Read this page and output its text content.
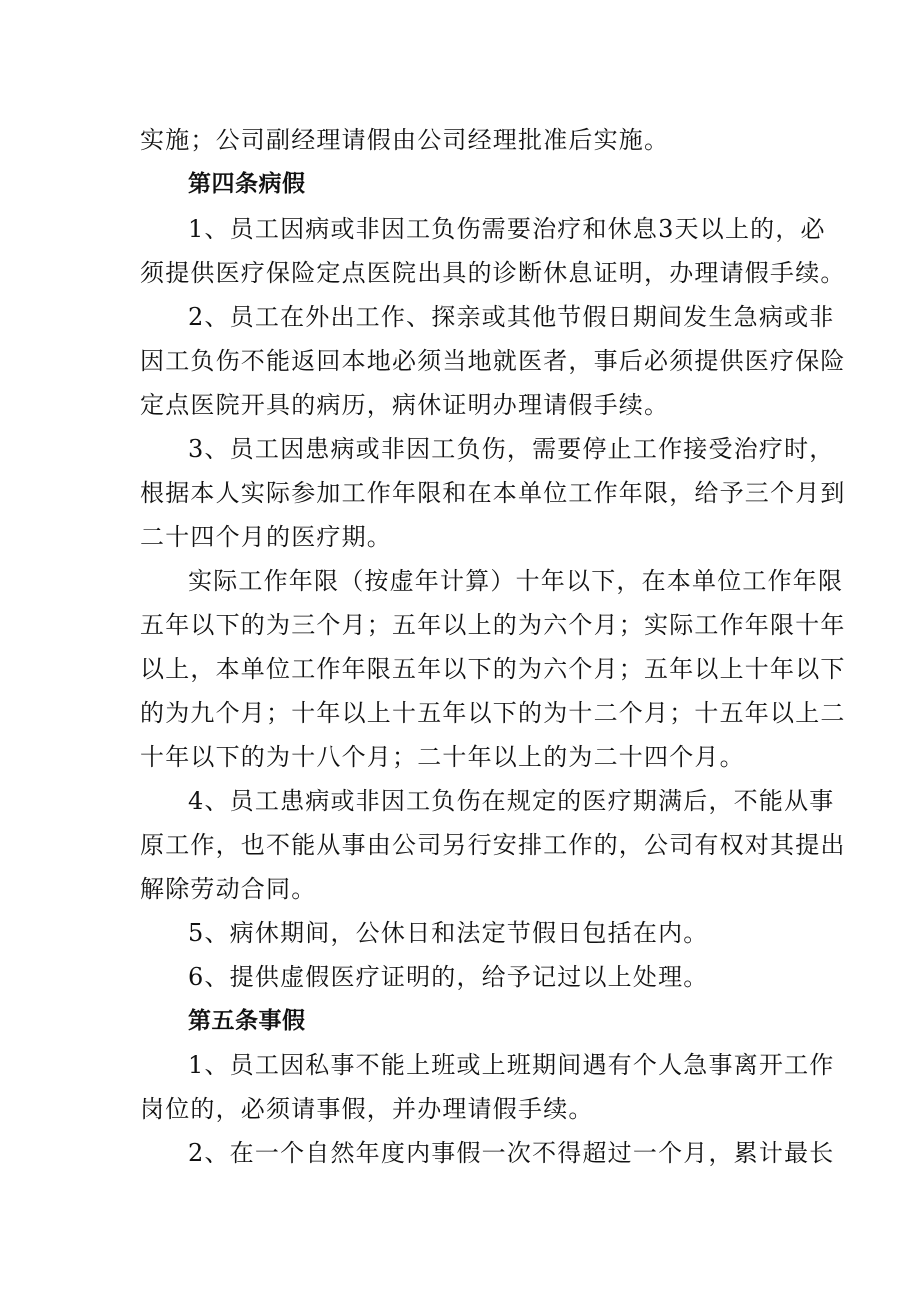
实施；公司副经理请假由公司经理批准后实施。
第四条病假
1、员工因病或非因工负伤需要治疗和休息3天以上的，必
须提供医疗保险定点医院出具的诊断休息证明，办理请假手续。
2、员工在外出工作、探亲或其他节假日期间发生急病或非
因工负伤不能返回本地必须当地就医者，事后必须提供医疗保险
定点医院开具的病历，病休证明办理请假手续。
3、员工因患病或非因工负伤，需要停止工作接受治疗时，
根据本人实际参加工作年限和在本单位工作年限，给予三个月到
二十四个月的医疗期。
实际工作年限（按虚年计算）十年以下，在本单位工作年限
五年以下的为三个月；五年以上的为六个月；实际工作年限十年
以上，本单位工作年限五年以下的为六个月；五年以上十年以下
的为九个月；十年以上十五年以下的为十二个月；十五年以上二
十年以下的为十八个月；二十年以上的为二十四个月。
4、员工患病或非因工负伤在规定的医疗期满后，不能从事
原工作，也不能从事由公司另行安排工作的，公司有权对其提出
解除劳动合同。
5、病休期间，公休日和法定节假日包括在内。
6、提供虚假医疗证明的，给予记过以上处理。
第五条事假
1、员工因私事不能上班或上班期间遇有个人急事离开工作
岗位的，必须请事假，并办理请假手续。
2、在一个自然年度内事假一次不得超过一个月，累计最长
